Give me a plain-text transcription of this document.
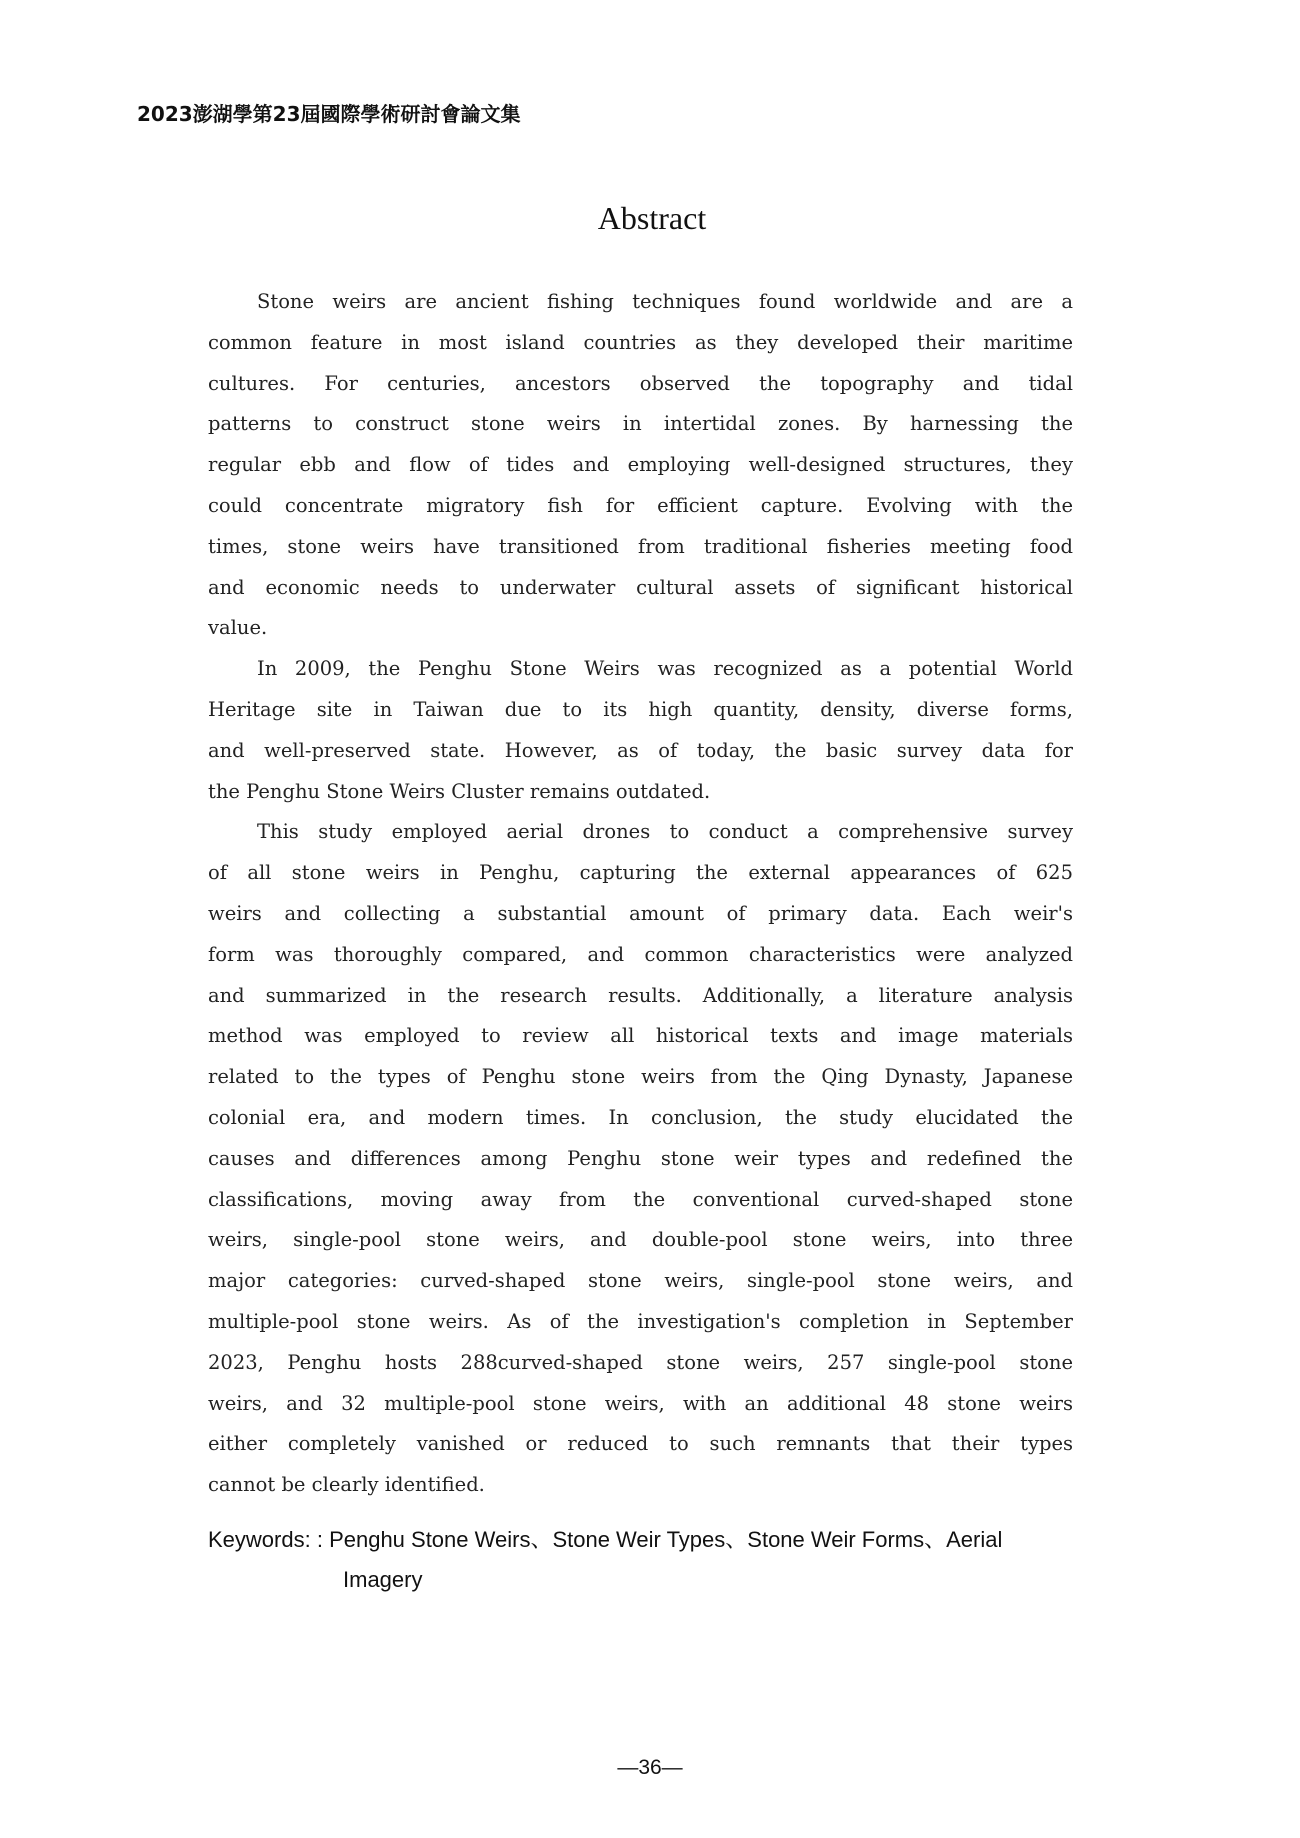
2023澎湖學第23屆國際學術研討會論文集
Abstract
Stone weirs are ancient fishing techniques found worldwide and are a
common feature in most island countries as they developed their maritime
cultures. For centuries, ancestors observed the topography and tidal
patterns to construct stone weirs in intertidal zones. By harnessing the
regular ebb and flow of tides and employing well-designed structures, they
could concentrate migratory fish for efficient capture. Evolving with the
times, stone weirs have transitioned from traditional fisheries meeting food
and economic needs to underwater cultural assets of significant historical
value.
In 2009, the Penghu Stone Weirs was recognized as a potential World
Heritage site in Taiwan due to its high quantity, density, diverse forms,
and well-preserved state. However, as of today, the basic survey data for
the Penghu Stone Weirs Cluster remains outdated.
This study employed aerial drones to conduct a comprehensive survey
of all stone weirs in Penghu, capturing the external appearances of 625
weirs and collecting a substantial amount of primary data. Each weir's
form was thoroughly compared, and common characteristics were analyzed
and summarized in the research results. Additionally, a literature analysis
method was employed to review all historical texts and image materials
related to the types of Penghu stone weirs from the Qing Dynasty, Japanese
colonial era, and modern times. In conclusion, the study elucidated the
causes and differences among Penghu stone weir types and redefined the
classifications, moving away from the conventional curved-shaped stone
weirs, single-pool stone weirs, and double-pool stone weirs, into three
major categories: curved-shaped stone weirs, single-pool stone weirs, and
multiple-pool stone weirs. As of the investigation's completion in September
2023, Penghu hosts 288curved-shaped stone weirs, 257 single-pool stone
weirs, and 32 multiple-pool stone weirs, with an additional 48 stone weirs
either completely vanished or reduced to such remnants that their types
cannot be clearly identified.
Keywords: : Penghu Stone Weirs、Stone Weir Types、Stone Weir Forms、Aerial
Imagery
—36—
